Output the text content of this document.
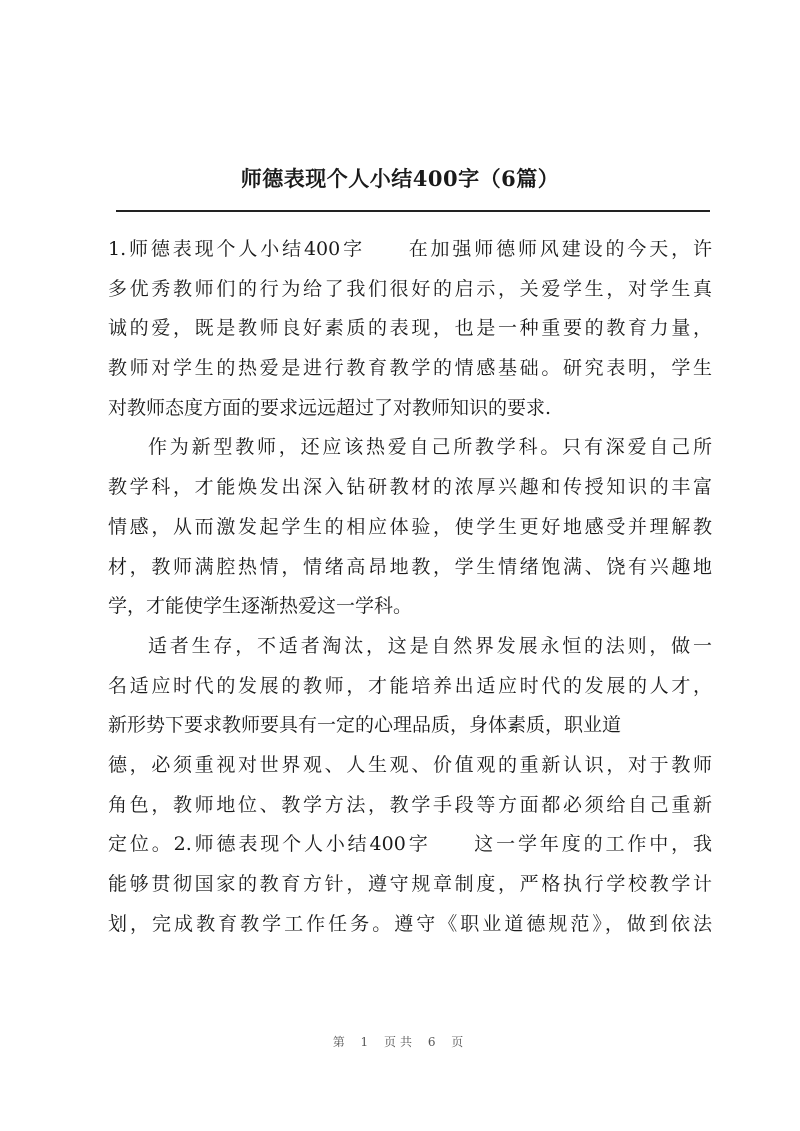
师德表现个人小结400字（6篇）
1.师德表现个人小结400字　　在加强师德师风建设的今天，许
多优秀教师们的行为给了我们很好的启示，关爱学生，对学生真
诚的爱，既是教师良好素质的表现，也是一种重要的教育力量，
教师对学生的热爱是进行教育教学的情感基础。研究表明，学生
对教师态度方面的要求远远超过了对教师知识的要求.
作为新型教师，还应该热爱自己所教学科。只有深爱自己所
教学科，才能焕发出深入钻研教材的浓厚兴趣和传授知识的丰富
情感，从而激发起学生的相应体验，使学生更好地感受并理解教
材，教师满腔热情，情绪高昂地教，学生情绪饱满、饶有兴趣地
学，才能使学生逐渐热爱这一学科。
适者生存，不适者淘汰，这是自然界发展永恒的法则，做一
名适应时代的发展的教师，才能培养出适应时代的发展的人才，
新形势下要求教师要具有一定的心理品质，身体素质，职业道
德，必须重视对世界观、人生观、价值观的重新认识，对于教师
角色，教师地位、教学方法，教学手段等方面都必须给自己重新
定位。2.师德表现个人小结400字　　这一学年度的工作中，我
能够贯彻国家的教育方针，遵守规章制度，严格执行学校教学计
划，完成教育教学工作任务。遵守《职业道德规范》，做到依法
第 1 页共 6 页
